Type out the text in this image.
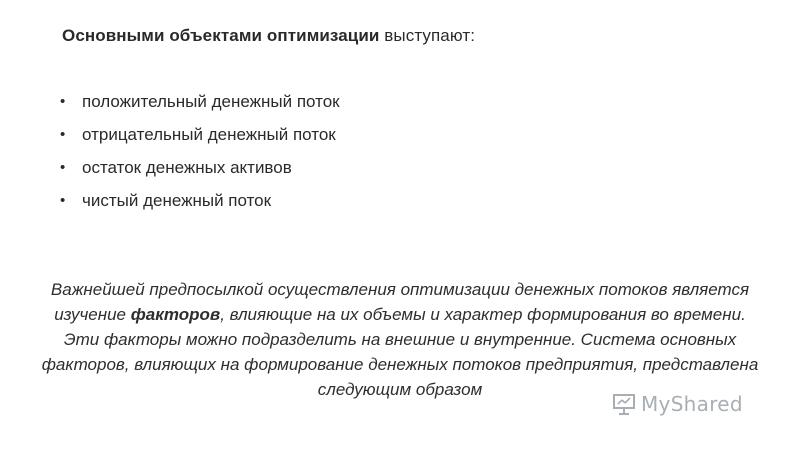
Основными объектами оптимизации выступают:
• положительный денежный поток
• отрицательный денежный поток
• остаток денежных активов
• чистый денежный поток

Важнейшей предпосылкой осуществления оптимизации денежных потоков является изучение факторов, влияющие на их объемы и характер формирования во времени. Эти факторы можно подразделить на внешние и внутренние. Система основных факторов, влияющих на формирование денежных потоков предприятия, представлена следующим образом

MyShared
